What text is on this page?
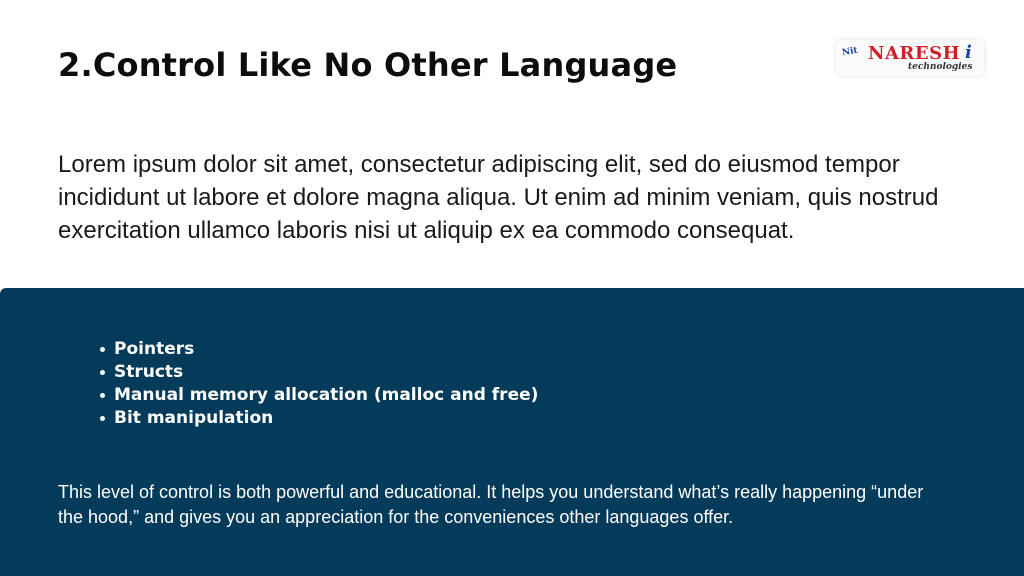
2.Control Like No Other Language	Nit NARESH i
technologies

Lorem ipsum dolor sit amet, consectetur adipiscing elit, sed do eiusmod tempor incididunt ut labore et dolore magna aliqua. Ut enim ad minim veniam, quis nostrud exercitation ullamco laboris nisi ut aliquip ex ea commodo consequat.

Pointers
Structs
Manual memory allocation (malloc and free)
Bit manipulation

This level of control is both powerful and educational. It helps you understand what’s really happening “under the hood,” and gives you an appreciation for the conveniences other languages offer.
